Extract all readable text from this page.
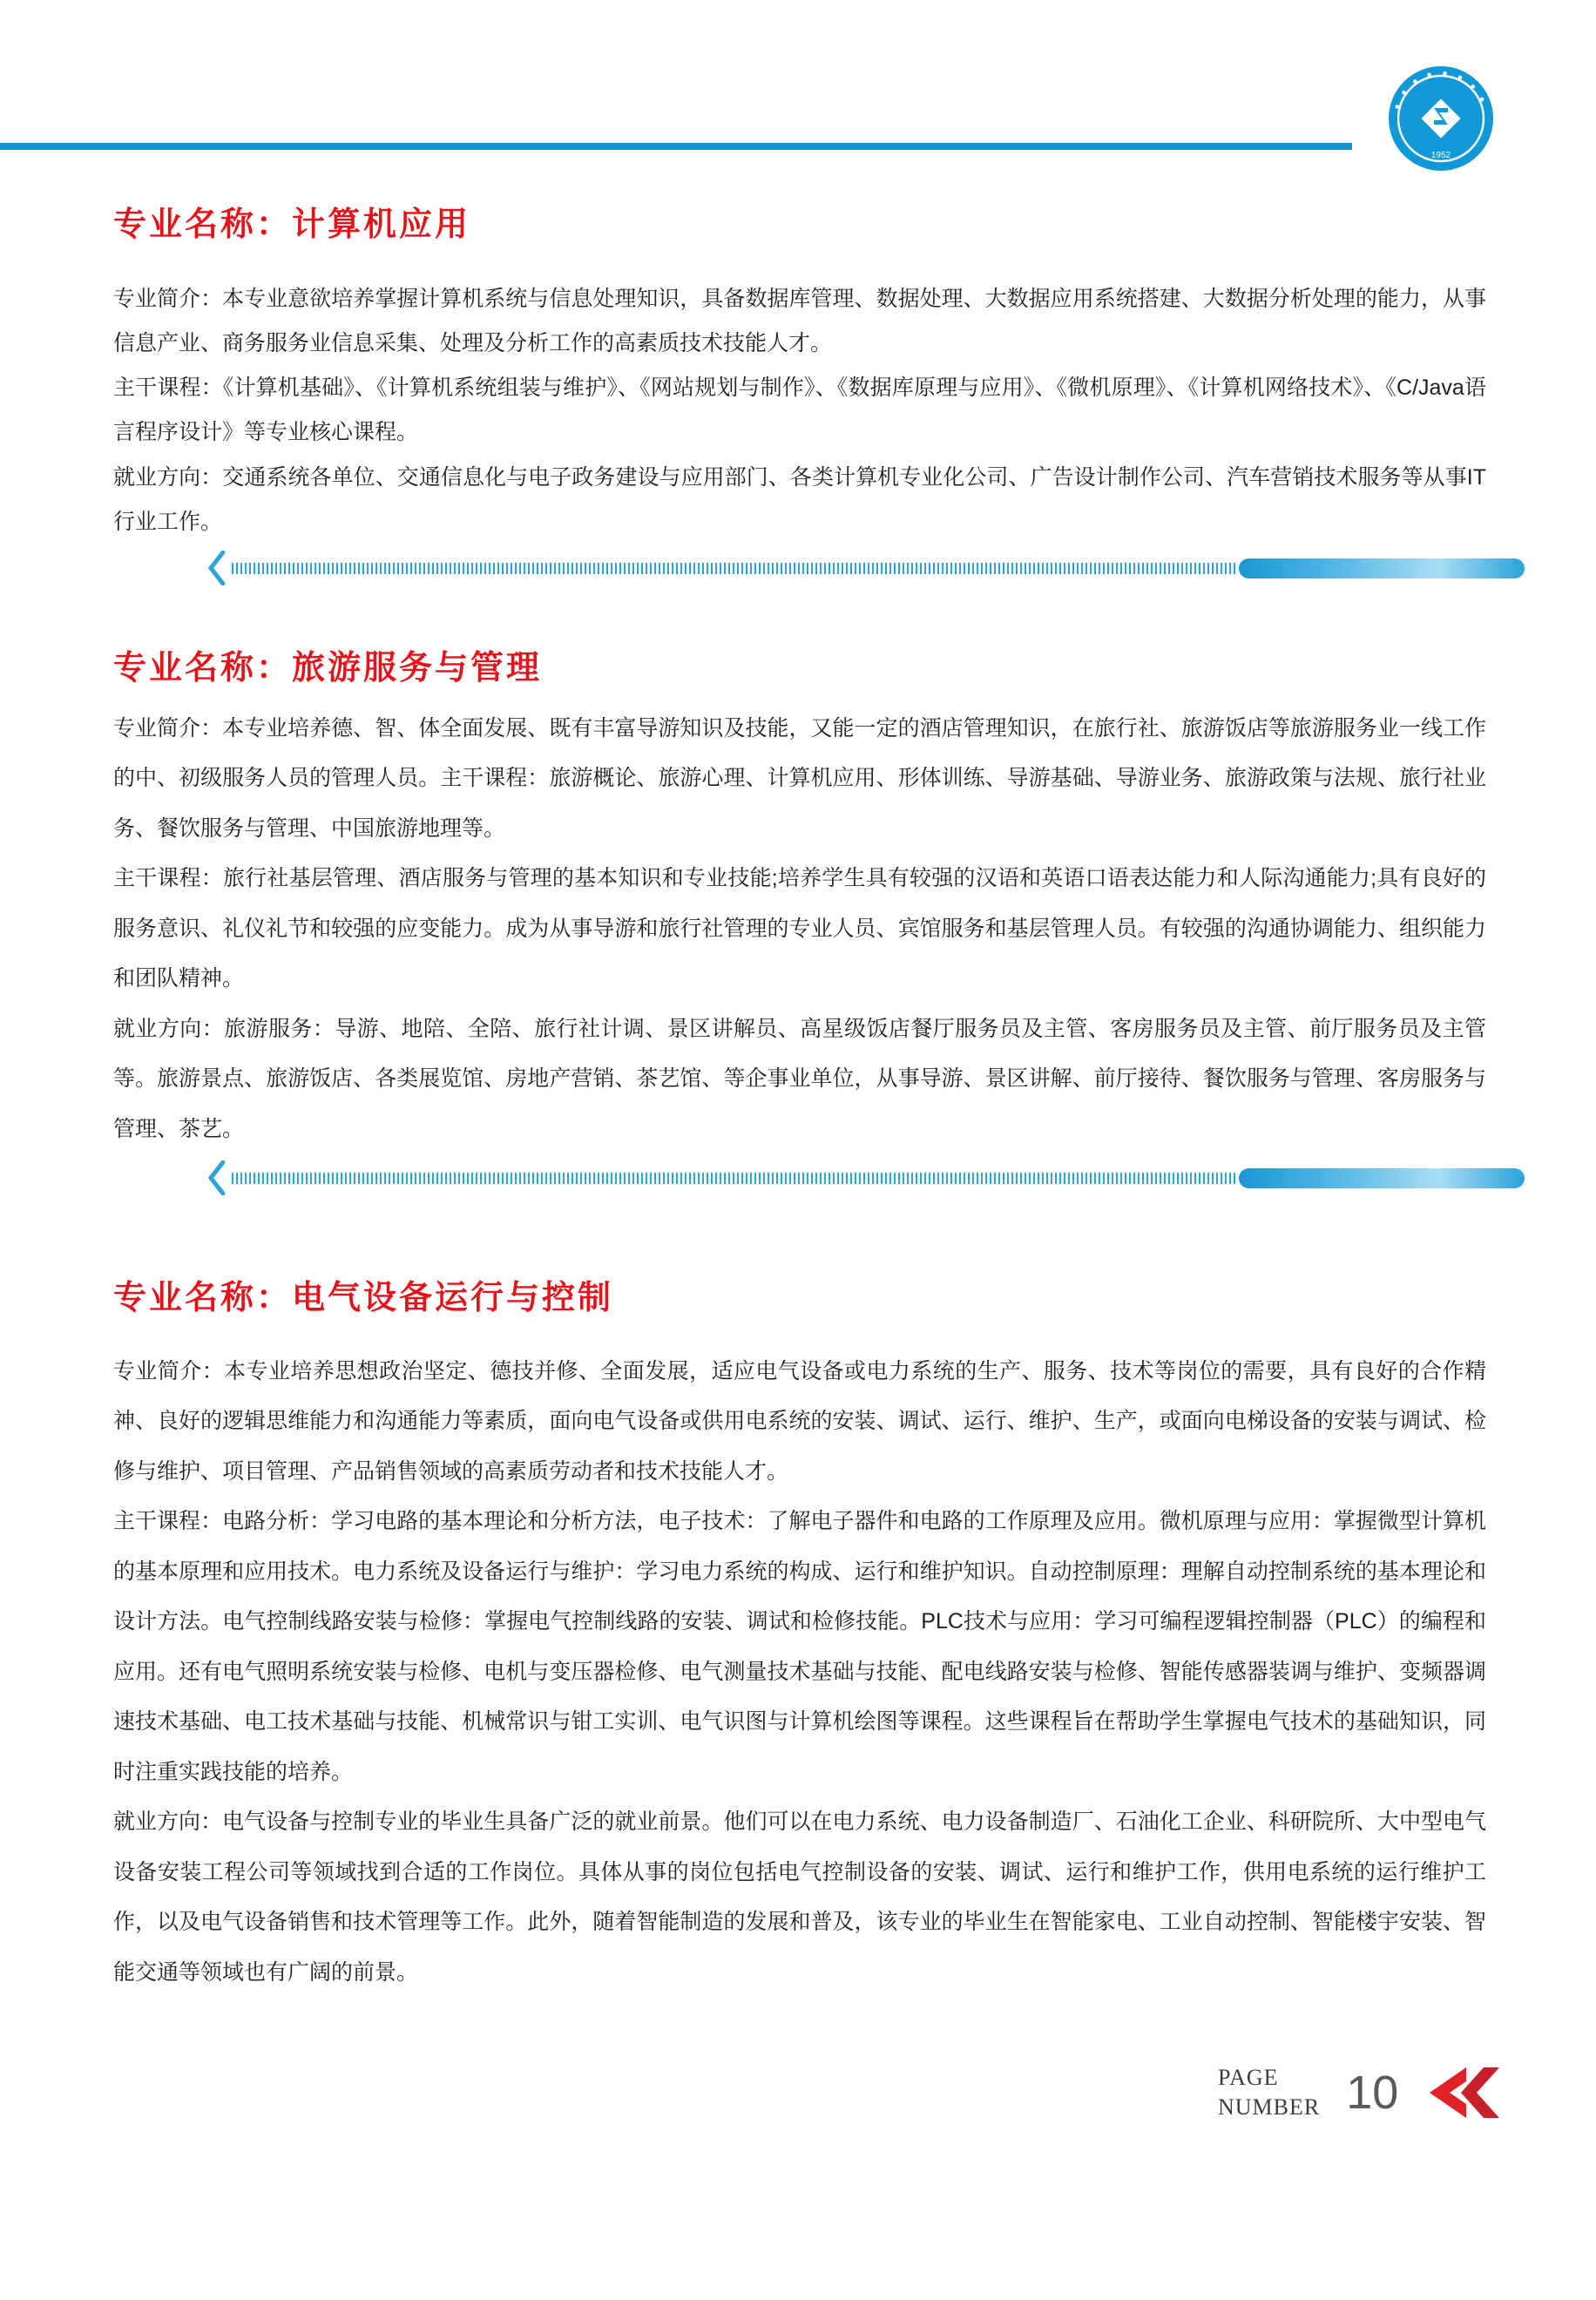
1952
专业名称：计算机应用

专业简介：本专业意欲培养掌握计算机系统与信息处理知识，具备数据库管理、数据处理、大数据应用系统搭建、大数据分析处理的能力，从事信息产业、商务服务业信息采集、处理及分析工作的高素质技术技能人才。

主干课程：《计算机基础》、《计算机系统组装与维护》、《网站规划与制作》、《数据库原理与应用》、《微机原理》、《计算机网络技术》、《C/Java语言程序设计》等专业核心课程。

就业方向：交通系统各单位、交通信息化与电子政务建设与应用部门、各类计算机专业化公司、广告设计制作公司、汽车营销技术服务等从事IT行业工作。

专业名称：旅游服务与管理

专业简介：本专业培养德、智、体全面发展、既有丰富导游知识及技能，又能一定的酒店管理知识，在旅行社、旅游饭店等旅游服务业一线工作的中、初级服务人员的管理人员。主干课程：旅游概论、旅游心理、计算机应用、形体训练、导游基础、导游业务、旅游政策与法规、旅行社业务、餐饮服务与管理、中国旅游地理等。

主干课程：旅行社基层管理、酒店服务与管理的基本知识和专业技能;培养学生具有较强的汉语和英语口语表达能力和人际沟通能力;具有良好的服务意识、礼仪礼节和较强的应变能力。成为从事导游和旅行社管理的专业人员、宾馆服务和基层管理人员。有较强的沟通协调能力、组织能力和团队精神。

就业方向：旅游服务：导游、地陪、全陪、旅行社计调、景区讲解员、高星级饭店餐厅服务员及主管、客房服务员及主管、前厅服务员及主管等。旅游景点、旅游饭店、各类展览馆、房地产营销、茶艺馆、等企事业单位，从事导游、景区讲解、前厅接待、餐饮服务与管理、客房服务与管理、茶艺。

专业名称：电气设备运行与控制

专业简介：本专业培养思想政治坚定、德技并修、全面发展，适应电气设备或电力系统的生产、服务、技术等岗位的需要，具有良好的合作精神、良好的逻辑思维能力和沟通能力等素质，面向电气设备或供用电系统的安装、调试、运行、维护、生产，或面向电梯设备的安装与调试、检修与维护、项目管理、产品销售领域的高素质劳动者和技术技能人才。

主干课程：电路分析：学习电路的基本理论和分析方法，电子技术：了解电子器件和电路的工作原理及应用。微机原理与应用：掌握微型计算机的基本原理和应用技术。电力系统及设备运行与维护：学习电力系统的构成、运行和维护知识。自动控制原理：理解自动控制系统的基本理论和设计方法。电气控制线路安装与检修：掌握电气控制线路的安装、调试和检修技能。PLC技术与应用：学习可编程逻辑控制器（PLC）的编程和应用。还有电气照明系统安装与检修、电机与变压器检修、电气测量技术基础与技能、配电线路安装与检修、智能传感器装调与维护、变频器调速技术基础、电工技术基础与技能、机械常识与钳工实训、电气识图与计算机绘图等课程。这些课程旨在帮助学生掌握电气技术的基础知识，同时注重实践技能的培养。

就业方向：电气设备与控制专业的毕业生具备广泛的就业前景。他们可以在电力系统、电力设备制造厂、石油化工企业、科研院所、大中型电气设备安装工程公司等领域找到合适的工作岗位。具体从事的岗位包括电气控制设备的安装、调试、运行和维护工作，供用电系统的运行维护工作，以及电气设备销售和技术管理等工作。此外，随着智能制造的发展和普及，该专业的毕业生在智能家电、工业自动控制、智能楼宇安装、智能交通等领域也有广阔的前景。

PAGE
NUMBER 10
